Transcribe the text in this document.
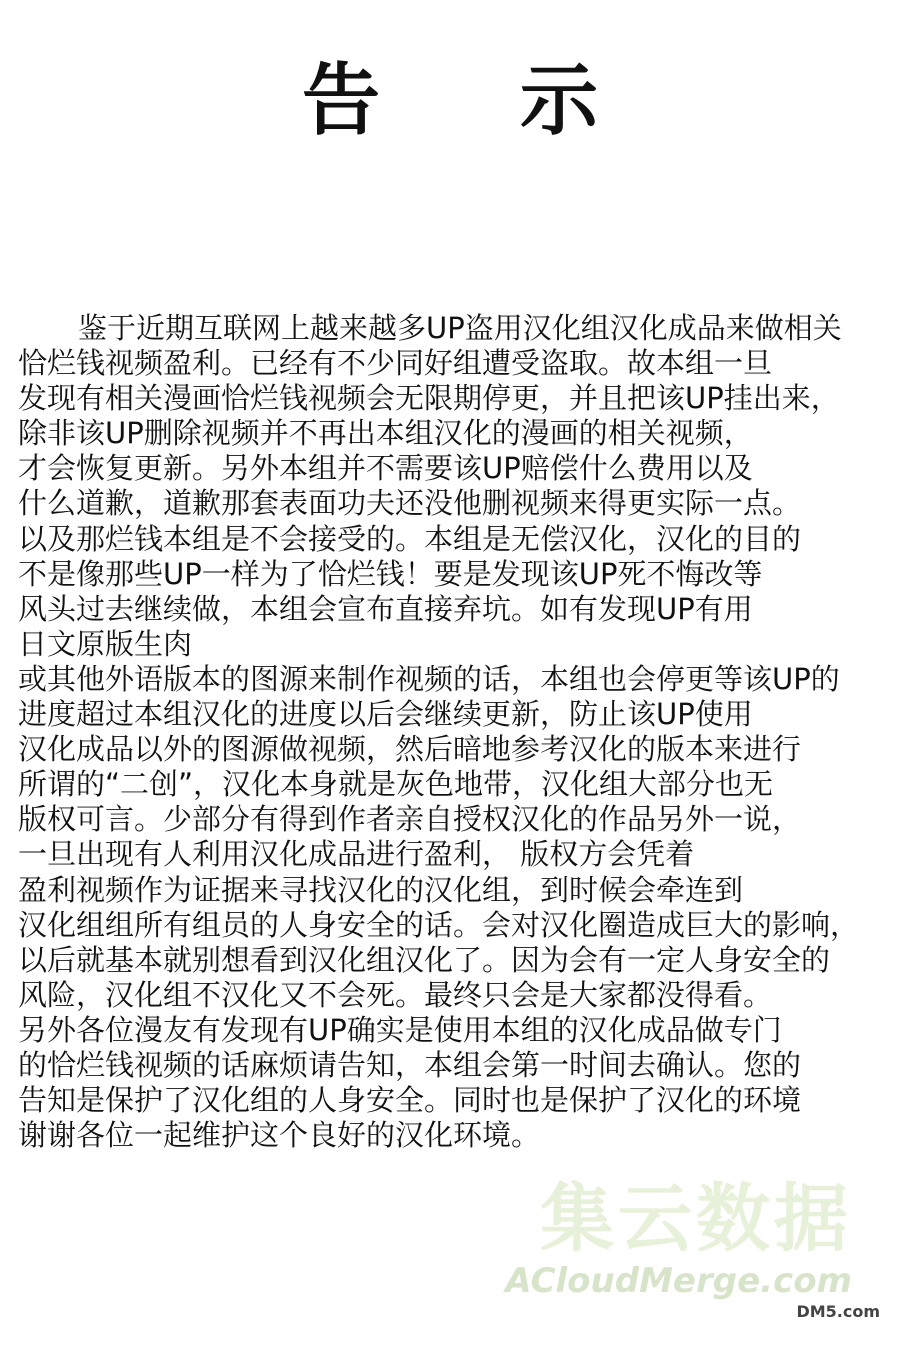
告 示
鉴于近期互联网上越来越多UP盗用汉化组汉化成品来做相关
恰烂钱视频盈利。已经有不少同好组遭受盗取。故本组一旦
发现有相关漫画恰烂钱视频会无限期停更，并且把该UP挂出来，
除非该UP删除视频并不再出本组汉化的漫画的相关视频，
才会恢复更新。另外本组并不需要该UP赔偿什么费用以及
什么道歉，道歉那套表面功夫还没他删视频来得更实际一点。
以及那烂钱本组是不会接受的。本组是无偿汉化，汉化的目的
不是像那些UP一样为了恰烂钱！要是发现该UP死不悔改等
风头过去继续做，本组会宣布直接弃坑。如有发现UP有用
日文原版生肉
或其他外语版本的图源来制作视频的话，本组也会停更等该UP的
进度超过本组汉化的进度以后会继续更新，防止该UP使用
汉化成品以外的图源做视频，然后暗地参考汉化的版本来进行
所谓的“二创”，汉化本身就是灰色地带，汉化组大部分也无
版权可言。少部分有得到作者亲自授权汉化的作品另外一说，
一旦出现有人利用汉化成品进行盈利， 版权方会凭着
盈利视频作为证据来寻找汉化的汉化组，到时候会牵连到
汉化组组所有组员的人身安全的话。会对汉化圈造成巨大的影响，
以后就基本就别想看到汉化组汉化了。因为会有一定人身安全的
风险，汉化组不汉化又不会死。最终只会是大家都没得看。
另外各位漫友有发现有UP确实是使用本组的汉化成品做专门
的恰烂钱视频的话麻烦请告知，本组会第一时间去确认。您的
告知是保护了汉化组的人身安全。同时也是保护了汉化的环境
谢谢各位一起维护这个良好的汉化环境。
集云数据
ACloudMerge.com
DM5.com
